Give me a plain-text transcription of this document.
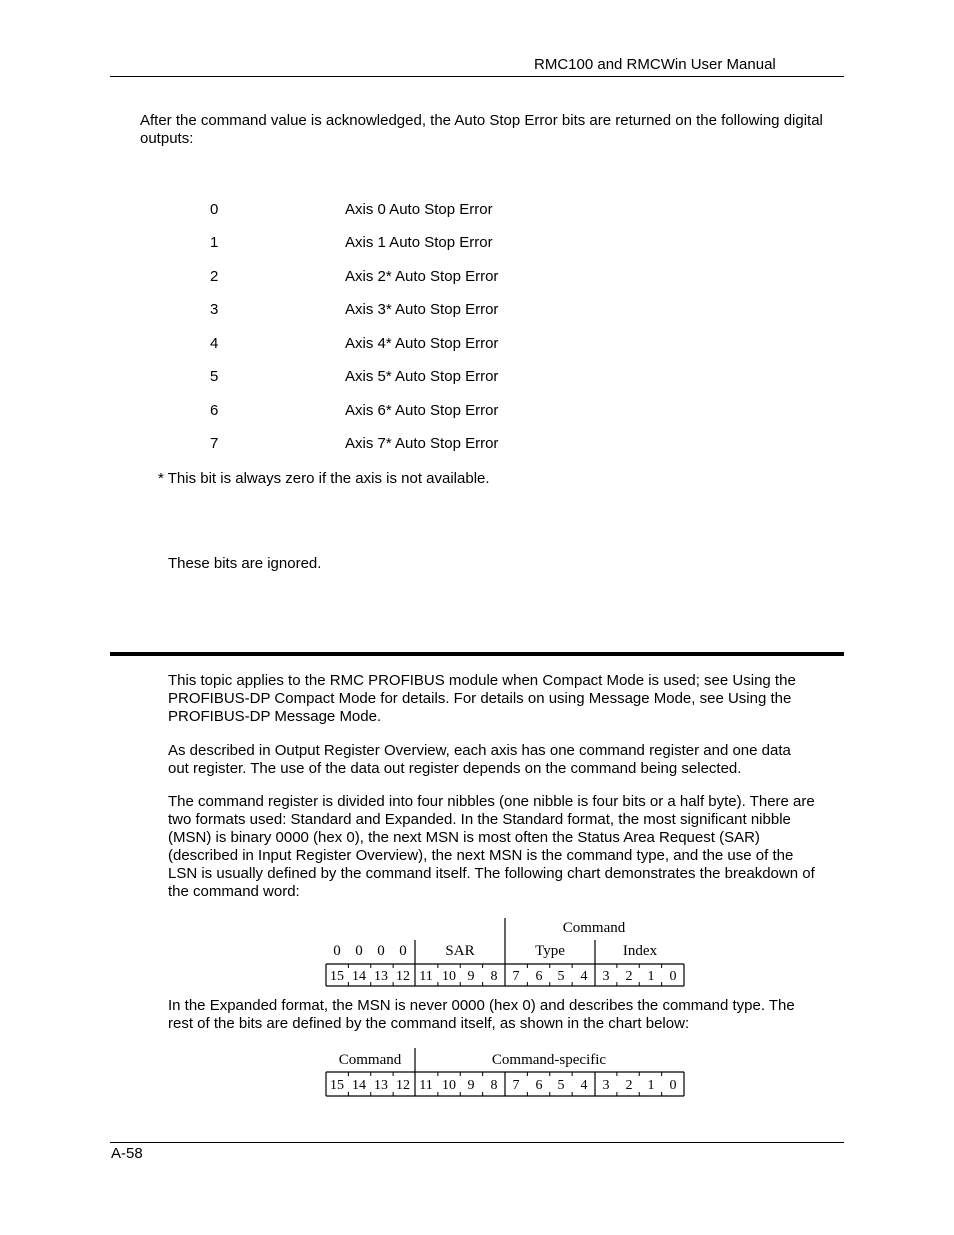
RMC100 and RMCWin User Manual
After the command value is acknowledged, the Auto Stop Error bits are returned on the following digital outputs:
0	Axis 0 Auto Stop Error
1	Axis 1 Auto Stop Error
2	Axis 2* Auto Stop Error
3	Axis 3* Auto Stop Error
4	Axis 4* Auto Stop Error
5	Axis 5* Auto Stop Error
6	Axis 6* Auto Stop Error
7	Axis 7* Auto Stop Error
* This bit is always zero if the axis is not available.
These bits are ignored.
This topic applies to the RMC PROFIBUS module when Compact Mode is used; see Using the
PROFIBUS-DP Compact Mode for details. For details on using Message Mode, see Using the
PROFIBUS-DP Message Mode.
As described in Output Register Overview, each axis has one command register and one data
out register. The use of the data out register depends on the command being selected.
The command register is divided into four nibbles (one nibble is four bits or a half byte). There are
two formats used: Standard and Expanded. In the Standard format, the most significant nibble
(MSN) is binary 0000 (hex 0), the next MSN is most often the Status Area Request (SAR)
(described in Input Register Overview), the next MSN is the command type, and the use of the
LSN is usually defined by the command itself. The following chart demonstrates the breakdown of
the command word:
Command
0 0 0 0	SAR	Type	Index
15 14 13 12 11 10 9 8 7 6 5 4 3 2 1 0
In the Expanded format, the MSN is never 0000 (hex 0) and describes the command type. The
rest of the bits are defined by the command itself, as shown in the chart below:
Command	Command-specific
15 14 13 12 11 10 9 8 7 6 5 4 3 2 1 0
A-58
